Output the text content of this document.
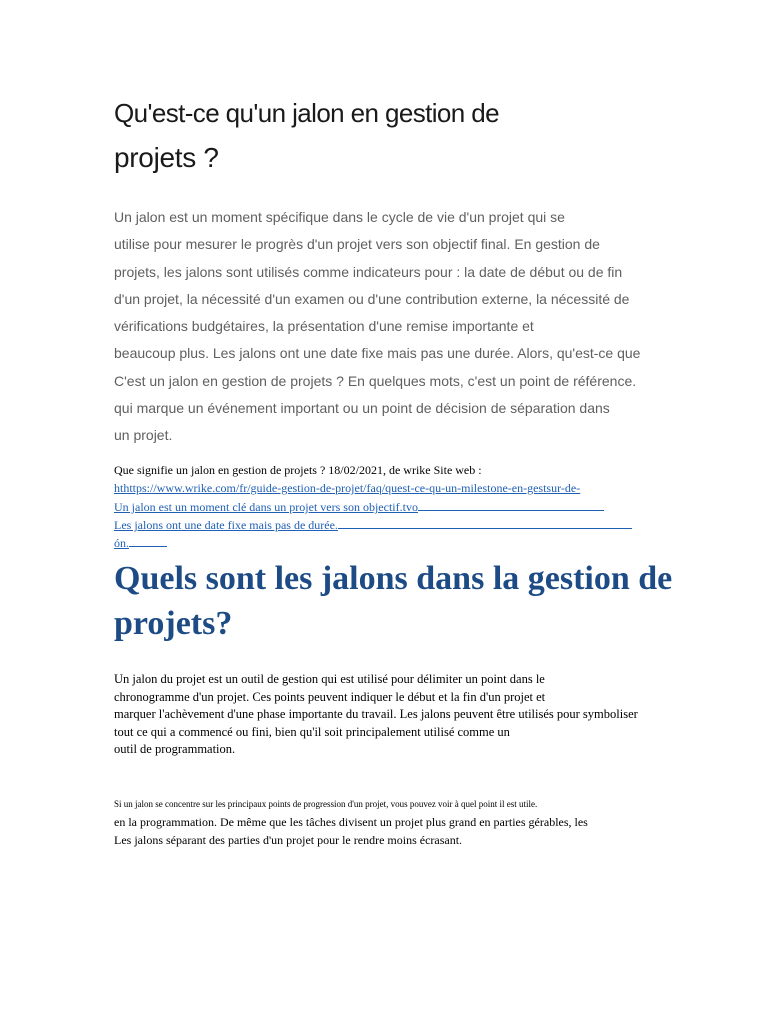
Qu'est-ce qu'un jalon en gestion de
projets ?
Un jalon est un moment spécifique dans le cycle de vie d'un projet qui se
utilise pour mesurer le progrès d'un projet vers son objectif final. En gestion de
projets, les jalons sont utilisés comme indicateurs pour : la date de début ou de fin
d'un projet, la nécessité d'un examen ou d'une contribution externe, la nécessité de
vérifications budgétaires, la présentation d'une remise importante et
beaucoup plus. Les jalons ont une date fixe mais pas une durée. Alors, qu'est-ce que
C'est un jalon en gestion de projets ? En quelques mots, c'est un point de référence.
qui marque un événement important ou un point de décision de séparation dans
un projet.
Que signifie un jalon en gestion de projets ? 18/02/2021, de wrike Site web :
hthttps://www.wrike.com/fr/guide-gestion-de-projet/faq/quest-ce-qu-un-milestone-en-gestsur-de-
Un jalon est un moment clé dans un projet vers son objectif.tvo
Les jalons ont une date fixe mais pas de durée.
ón.
Quels sont les jalons dans la gestion de
projets?
Un jalon du projet est un outil de gestion qui est utilisé pour délimiter un point dans le
chronogramme d'un projet. Ces points peuvent indiquer le début et la fin d'un projet et
marquer l'achèvement d'une phase importante du travail. Les jalons peuvent être utilisés pour symboliser
tout ce qui a commencé ou fini, bien qu'il soit principalement utilisé comme un
outil de programmation.
Si un jalon se concentre sur les principaux points de progression d'un projet, vous pouvez voir à quel point il est utile.
en la programmation. De même que les tâches divisent un projet plus grand en parties gérables, les
Les jalons séparant des parties d'un projet pour le rendre moins écrasant.
